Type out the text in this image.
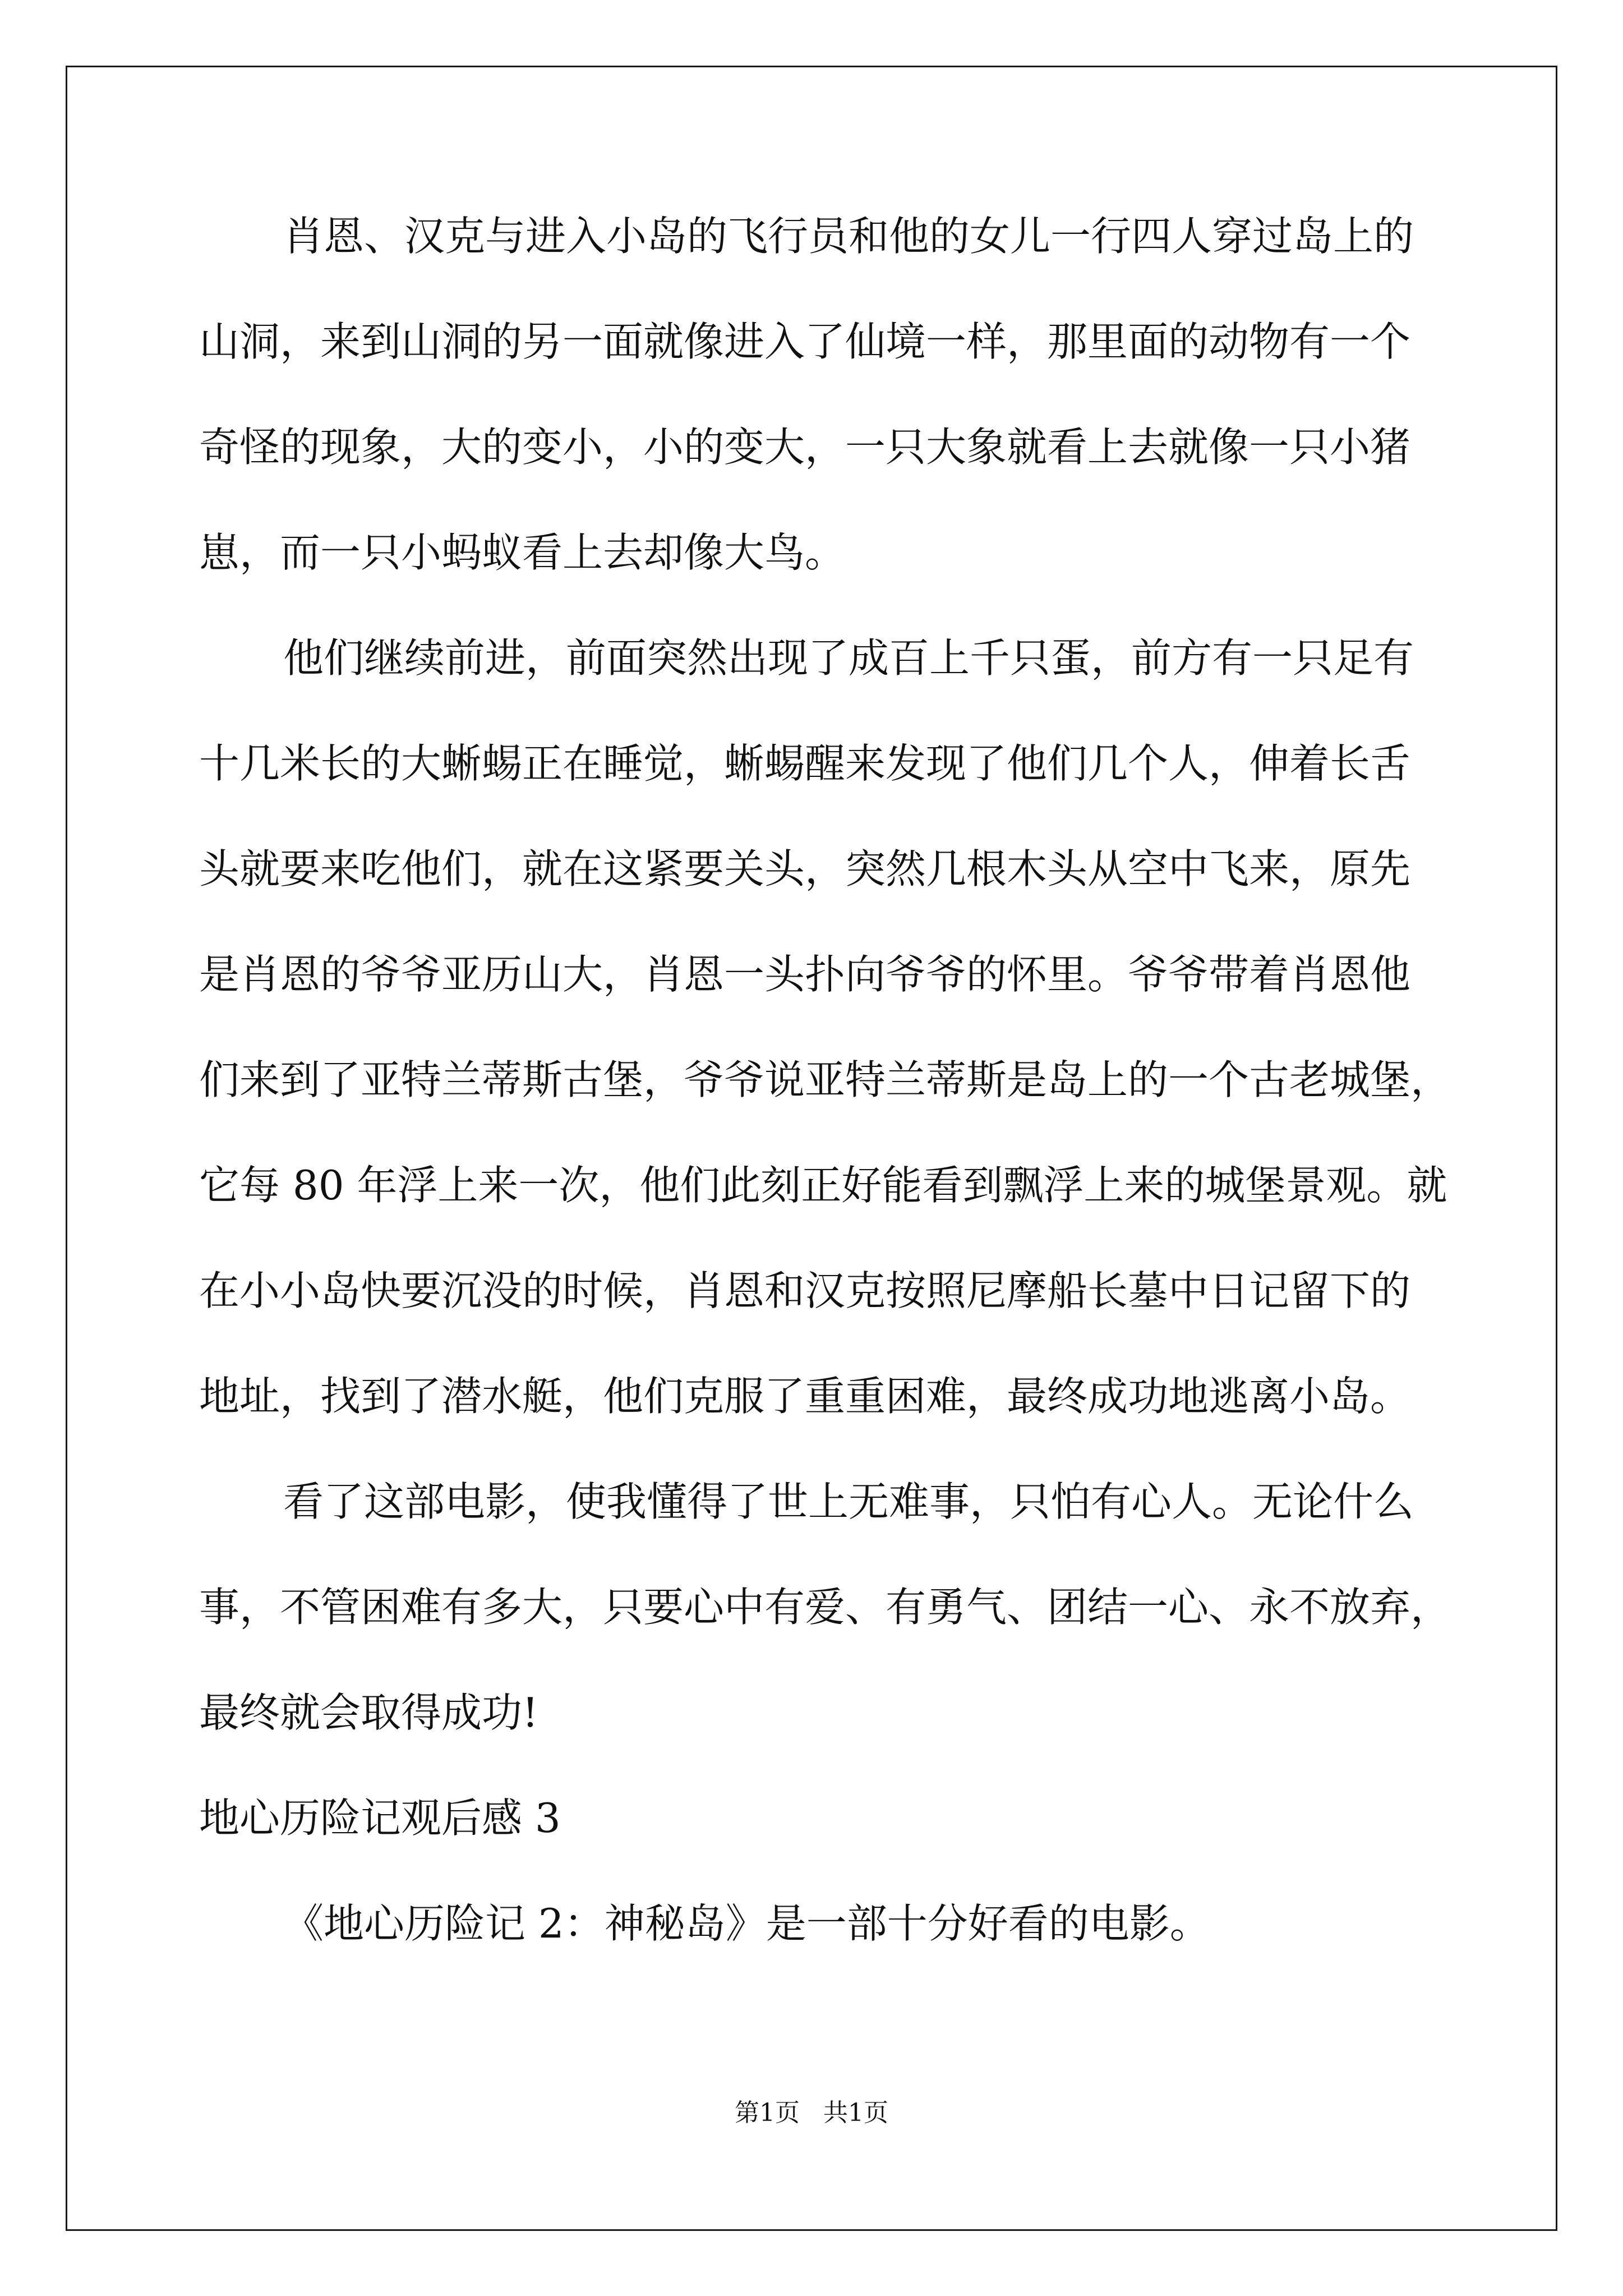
肖恩、汉克与进入小岛的飞行员和他的女儿一行四人穿过岛上的
山洞，来到山洞的另一面就像进入了仙境一样，那里面的动物有一个
奇怪的现象，大的变小，小的变大，一只大象就看上去就像一只小猪
崽，而一只小蚂蚁看上去却像大鸟。
他们继续前进，前面突然出现了成百上千只蛋，前方有一只足有
十几米长的大蜥蜴正在睡觉，蜥蜴醒来发现了他们几个人，伸着长舌
头就要来吃他们，就在这紧要关头，突然几根木头从空中飞来，原先
是肖恩的爷爷亚历山大，肖恩一头扑向爷爷的怀里。爷爷带着肖恩他
们来到了亚特兰蒂斯古堡，爷爷说亚特兰蒂斯是岛上的一个古老城堡，
它每 80 年浮上来一次，他们此刻正好能看到飘浮上来的城堡景观。就
在小小岛快要沉没的时候，肖恩和汉克按照尼摩船长墓中日记留下的
地址，找到了潜水艇，他们克服了重重困难，最终成功地逃离小岛。
看了这部电影，使我懂得了世上无难事，只怕有心人。无论什么
事，不管困难有多大，只要心中有爱、有勇气、团结一心、永不放弃，
最终就会取得成功!
地心历险记观后感 3
《地心历险记 2：神秘岛》是一部十分好看的电影。
第1页   共1页
